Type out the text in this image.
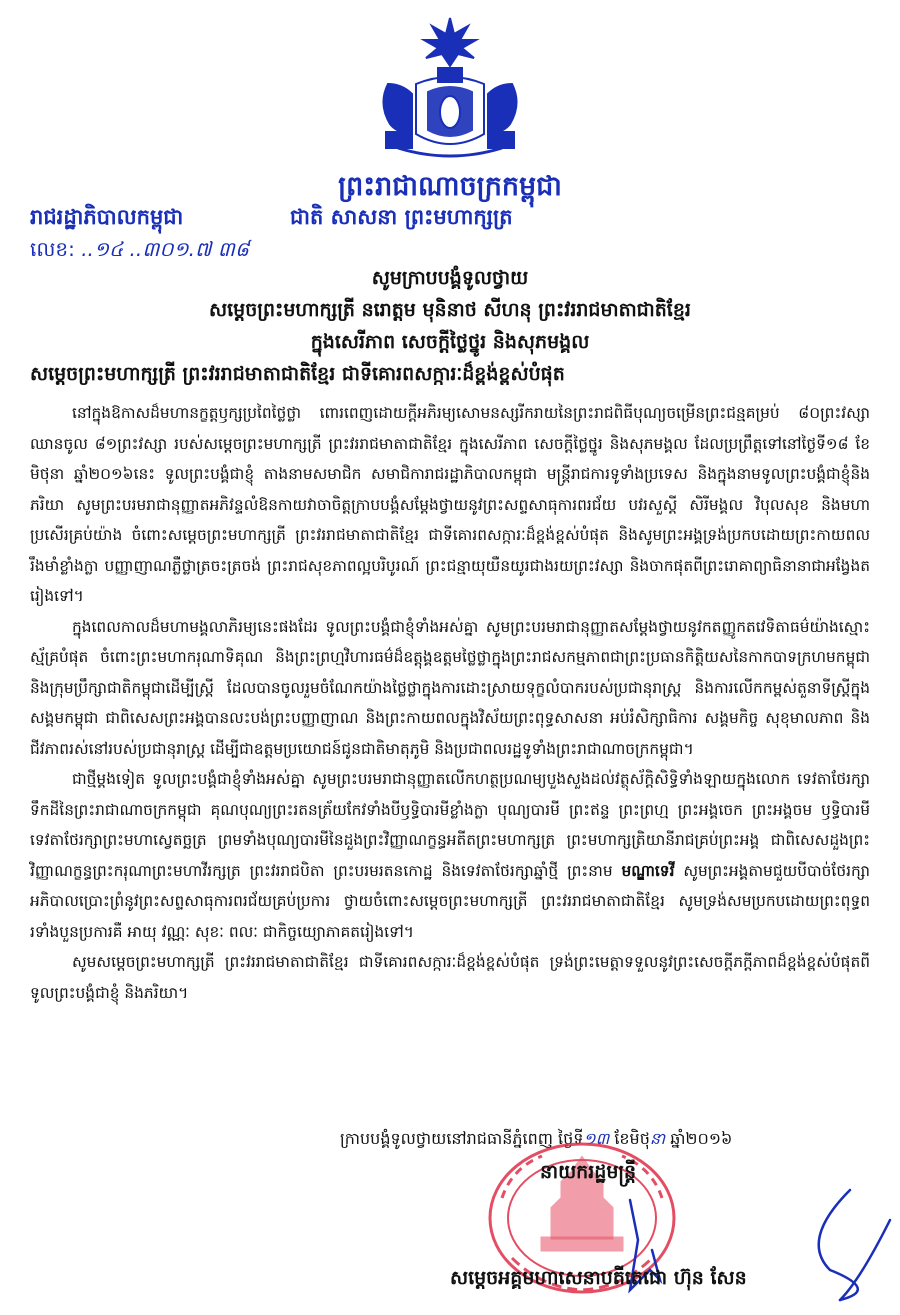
ព្រះរាជាណាចក្រកម្ពុជា
រាជរដ្ឋាភិបាលកម្ពុជា	ជាតិ សាសនា ព្រះមហាក្សត្រ
លេខ: ..១៤ ..៣០១.៧ ៣៨
សូមក្រាបបង្គំទូលថ្វាយ
សម្តេចព្រះមហាក្សត្រី នរោត្តម មុនិនាថ សីហនុ ព្រះវររាជមាតាជាតិខ្មែរ
ក្នុងសេរីភាព សេចក្តីថ្លៃថ្នូរ និងសុភមង្គល
សម្តេចព្រះមហាក្សត្រី ព្រះវររាជមាតាជាតិខ្មែរ ជាទីគោរពសក្ការៈដ៏ខ្ពង់ខ្ពស់បំផុត

នៅក្នុងឱកាសដ៏មហានក្ខត្តឫក្សប្រពៃថ្លៃថ្លា ពោរពេញដោយក្តីអភិរម្យសោមនស្សរីករាយនៃព្រះរាជពិធីបុណ្យចម្រើនព្រះជន្មគម្រប់ ៨០ព្រះវស្សា ឈានចូល ៨១ព្រះវស្សា របស់សម្តេចព្រះមហាក្សត្រី ព្រះវររាជមាតាជាតិខ្មែរ ក្នុងសេរីភាព សេចក្តីថ្លៃថ្នូរ និងសុភមង្គល ដែលប្រព្រឹត្តទៅនៅថ្ងៃទី១៨ ខែមិថុនា ឆ្នាំ២០១៦នេះ ទូលព្រះបង្គំជាខ្ញុំ តាងនាមសមាជិក សមាជិការាជរដ្ឋាភិបាលកម្ពុជា មន្រ្តីរាជការទូទាំងប្រទេស និងក្នុងនាមទូលព្រះបង្គំជាខ្ញុំនិងភរិយា សូមព្រះបរមរាជានុញ្ញាតអភិវន្ទលំឱនកាយវាចាចិត្តក្រាបបង្គំសម្តែងថ្វាយនូវព្រះសព្ទសាធុការពរជ័យ បវរសួស្តី សិរីមង្គល វិបុលសុខ និងមហាប្រសើរគ្រប់យ៉ាង ចំពោះសម្តេចព្រះមហាក្សត្រី ព្រះវររាជមាតាជាតិខ្មែរ ជាទីគោរពសក្ការៈដ៏ខ្ពង់ខ្ពស់បំផុត និងសូមព្រះអង្គទ្រង់ប្រកបដោយព្រះកាយពលរឹងមាំខ្លាំងក្លា បញ្ញាញាណភ្លឺថ្លាត្រចះត្រចង់ ព្រះរាជសុខភាពល្អបរិបូរណ៍ ព្រះជន្មាយុយឺនយូរជាងរយព្រះវស្សា និងចាកផុតពីព្រះរោគាព្យាធិនានាជាអង្វែងតរៀងទៅ។

ក្នុងពេលកាលដ៏មហាមង្គលាភិរម្យនេះផងដែរ ទូលព្រះបង្គំជាខ្ញុំទាំងអស់គ្នា សូមព្រះបរមរាជានុញ្ញាតសម្តែងថ្វាយនូវកតញ្ញូកតវេទិតាធម៌យ៉ាងស្មោះស្ម័គ្របំផុត ចំពោះព្រះមហាករុណាទិគុណ និងព្រះព្រហ្មវិហារធម៌ដ៏ឧត្តុង្គឧត្តមថ្លៃថ្លាក្នុងព្រះរាជសកម្មភាពជាព្រះប្រធានកិត្តិយសនៃកាកបាទក្រហមកម្ពុជា និងក្រុមប្រឹក្សាជាតិកម្ពុជាដើម្បីស្រ្តី ដែលបានចូលរួមចំណែកយ៉ាងថ្លៃថ្លាក្នុងការដោះស្រាយទុក្ខលំបាករបស់ប្រជានុរាស្ត្រ និងការលើកកម្ពស់តួនាទីស្រ្តីក្នុងសង្គមកម្ពុជា ជាពិសេសព្រះអង្គបានលះបង់ព្រះបញ្ញាញាណ និងព្រះកាយពលក្នុងវិស័យព្រះពុទ្ធសាសនា អប់រំសិក្សាធិការ សង្គមកិច្ច សុខុមាលភាព និងជីវភាពរស់នៅរបស់ប្រជានុរាស្ត្រ ដើម្បីជាឧត្តមប្រយោជន៍ជូនជាតិមាតុភូមិ និងប្រជាពលរដ្ឋទូទាំងព្រះរាជាណាចក្រកម្ពុជា។

ជាថ្មីម្តងទៀត ទូលព្រះបង្គំជាខ្ញុំទាំងអស់គ្នា សូមព្រះបរមរាជានុញ្ញាតលើកហត្ថប្រណម្យបួងសួងដល់វត្ថុស័ក្តិសិទ្ធិទាំងឡាយក្នុងលោក ទេវតាថែរក្សាទឹកដីនៃព្រះរាជាណាចក្រកម្ពុជា គុណបុណ្យព្រះរតនត្រ័យកែវទាំងបីឫទ្ធិបារមីខ្លាំងក្លា បុណ្យបារមី ព្រះឥន្ទ ព្រះព្រហ្ម ព្រះអង្គចេក ព្រះអង្គចម ឫទ្ធិបារមីទេវតាថែរក្សាព្រះមហាស្វេតច្ឆត្រ ព្រមទាំងបុណ្យបារមីនៃដួងព្រះវិញ្ញាណក្ខន្ធអតីតព្រះមហាក្សត្រ ព្រះមហាក្សត្រិយានីរាជគ្រប់ព្រះអង្គ ជាពិសេសដួងព្រះវិញ្ញាណក្ខន្ធព្រះករុណាព្រះមហាវីរក្សត្រ ព្រះវររាជបិតា ព្រះបរមរតនកោដ្ឋ និងទេវតាថែរក្សាឆ្នាំថ្មី ព្រះនាម មណ្ឌាទេវី សូមព្រះអង្គតាមជួយបីបាច់ថែរក្សាអភិបាលប្រោះព្រំនូវព្រះសព្ទសាធុការពរជ័យគ្រប់ប្រការ ថ្វាយចំពោះសម្តេចព្រះមហាក្សត្រី ព្រះវររាជមាតាជាតិខ្មែរ សូមទ្រង់សមប្រកបដោយព្រះពុទ្ធពរទាំងបួនប្រការគឺ អាយុ វណ្ណៈ សុខៈ ពលៈ ជាកិច្ចយ្យោភាគតរៀងទៅ។

សូមសម្តេចព្រះមហាក្សត្រី ព្រះវររាជមាតាជាតិខ្មែរ ជាទីគោរពសក្ការៈដ៏ខ្ពង់ខ្ពស់បំផុត ទ្រង់ព្រះមេត្តាទទួលនូវព្រះសេចក្តីភក្តីភាពដ៏ខ្ពង់ខ្ពស់បំផុតពីទូលព្រះបង្គំជាខ្ញុំ និងភរិយា។

ក្រាបបង្គំទូលថ្វាយនៅរាជធានីភ្នំពេញ ថ្ងៃទី១៣ ខែមិថុនា ឆ្នាំ២០១៦
នាយករដ្ឋមន្ត្រី
សម្តេចអគ្គមហាសេនាបតីតេជោ ហ៊ុន សែន
